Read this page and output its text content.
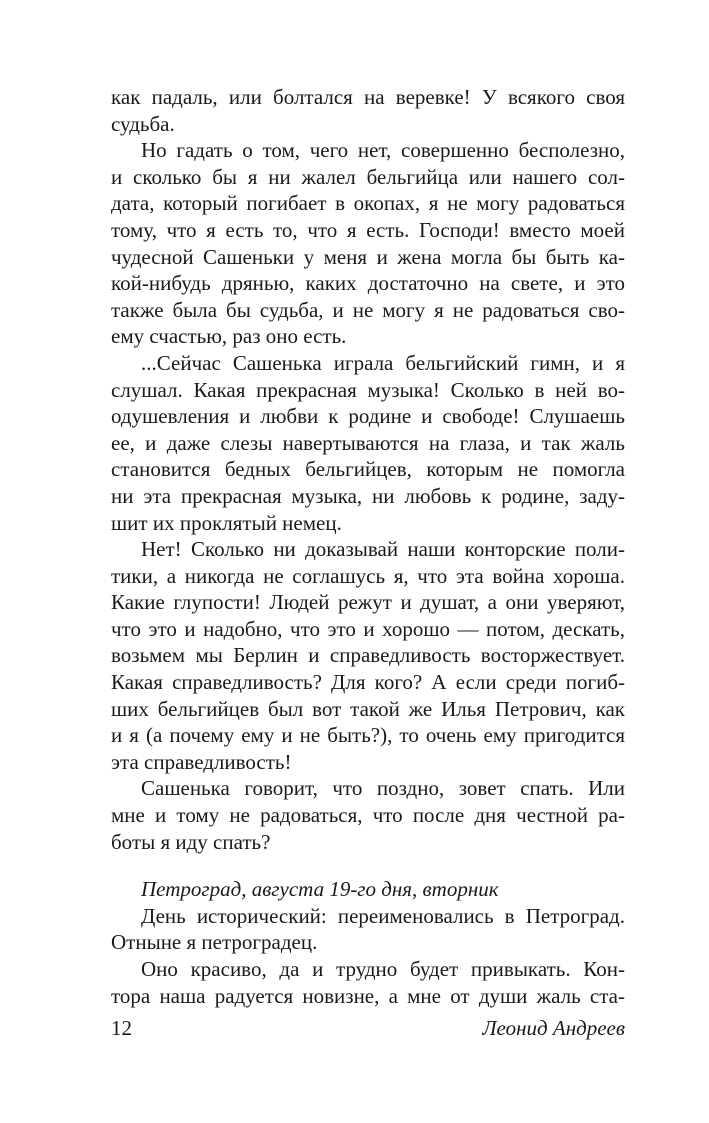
как падаль, или болтался на веревке! У всякого своя
судьба.
Но гадать о том, чего нет, совершенно бесполезно,
и сколько бы я ни жалел бельгийца или нашего сол-
дата, который погибает в окопах, я не могу радоваться
тому, что я есть то, что я есть. Господи! вместо моей
чудесной Сашеньки у меня и жена могла бы быть ка-
кой-нибудь дрянью, каких достаточно на свете, и это
также была бы судьба, и не могу я не радоваться сво-
ему счастью, раз оно есть.
...Сейчас Сашенька играла бельгийский гимн, и я
слушал. Какая прекрасная музыка! Сколько в ней во-
одушевления и любви к родине и свободе! Слушаешь
ее, и даже слезы навертываются на глаза, и так жаль
становится бедных бельгийцев, которым не помогла
ни эта прекрасная музыка, ни любовь к родине, заду-
шит их проклятый немец.
Нет! Сколько ни доказывай наши конторские поли-
тики, а никогда не соглашусь я, что эта война хороша.
Какие глупости! Людей режут и душат, а они уверяют,
что это и надобно, что это и хорошо — потом, дескать,
возьмем мы Берлин и справедливость восторжествует.
Какая справедливость? Для кого? А если среди погиб-
ших бельгийцев был вот такой же Илья Петрович, как
и я (а почему ему и не быть?), то очень ему пригодится
эта справедливость!
Сашенька говорит, что поздно, зовет спать. Или
мне и тому не радоваться, что после дня честной ра-
боты я иду спать?
Петроград, августа 19-го дня, вторник
День исторический: переименовались в Петроград.
Отныне я петроградец.
Оно красиво, да и трудно будет привыкать. Кон-
тора наша радуется новизне, а мне от души жаль ста-
12	Леонид Андреев
